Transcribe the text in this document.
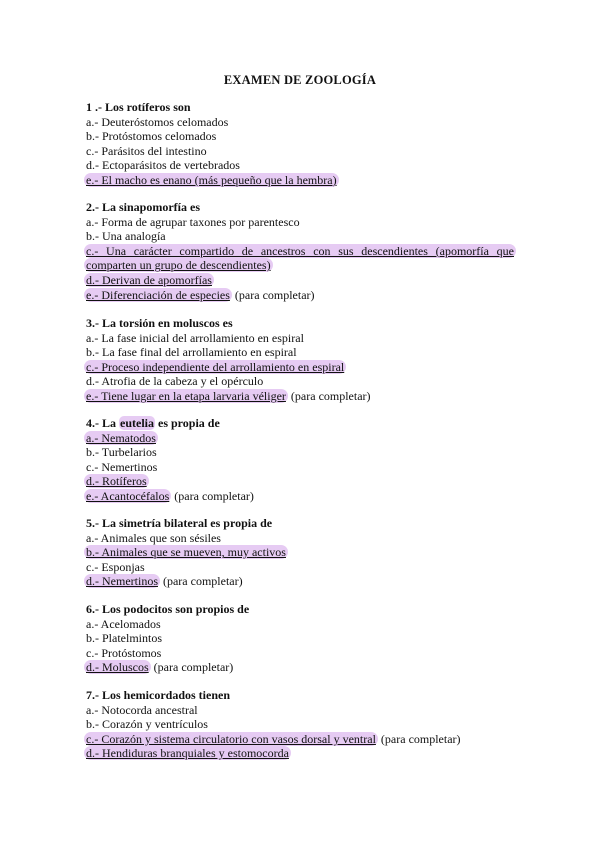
EXAMEN DE ZOOLOGÍA
1 .- Los rotíferos son
a.- Deuteróstomos celomados
b.- Protóstomos celomados
c.- Parásitos del intestino
d.- Ectoparásitos de vertebrados
e.- El macho es enano (más pequeño que la hembra)
2.- La sinapomorfía es
a.- Forma de agrupar taxones por parentesco
b.- Una analogía
c.- Una carácter compartido de ancestros con sus descendientes (apomorfía que comparten un grupo de descendientes)
d.- Derivan de apomorfías
e.- Diferenciación de especies (para completar)
3.- La torsión en moluscos es
a.- La fase inicial del arrollamiento en espiral
b.- La fase final del arrollamiento en espiral
c.- Proceso independiente del arrollamiento en espiral
d.- Atrofia de la cabeza y el opérculo
e.- Tiene lugar en la etapa larvaria véliger (para completar)
4.- La eutelia es propia de
a.- Nematodos
b.- Turbelarios
c.- Nemertinos
d.- Rotíferos
e.- Acantocéfalos (para completar)
5.- La simetría bilateral es propia de
a.- Animales que son sésiles
b.- Animales que se mueven, muy activos
c.- Esponjas
d.- Nemertinos (para completar)
6.- Los podocitos son propios de
a.- Acelomados
b.- Platelmintos
c.- Protóstomos
d.- Moluscos (para completar)
7.- Los hemicordados tienen
a.- Notocorda ancestral
b.- Corazón y ventrículos
c.- Corazón y sistema circulatorio con vasos dorsal y ventral (para completar)
d.- Hendiduras branquiales y estomocorda
